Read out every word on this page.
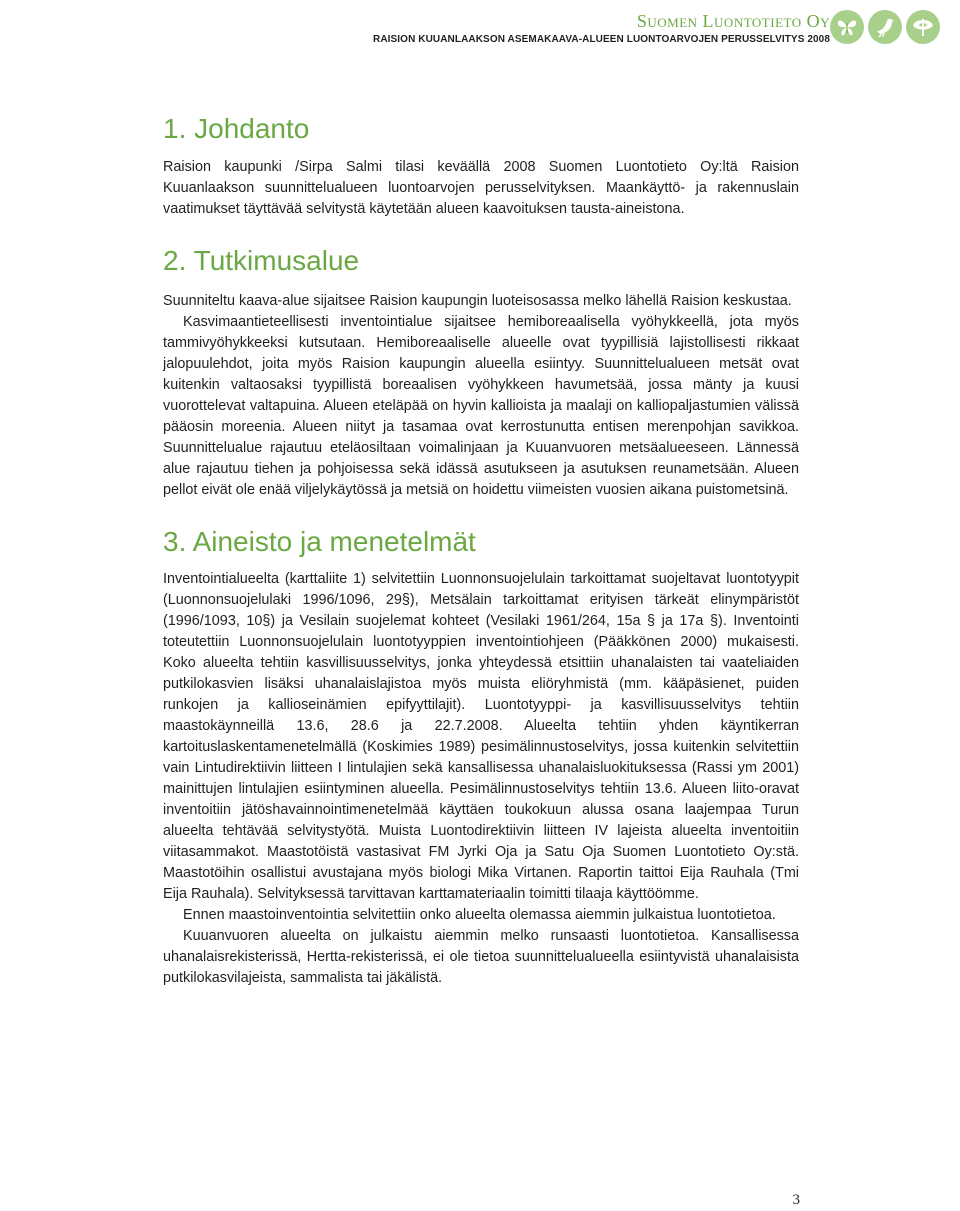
Suomen Luontotieto Oy
RAISION KUUANLAAKSON ASEMAKAAVA-ALUEEN LUONTOARVOJEN PERUSSELVITYS 2008
1. Johdanto

Raision kaupunki /Sirpa Salmi tilasi keväällä 2008 Suomen Luontotieto Oy:ltä Raision Kuuanlaakson suunnittelualueen luontoarvojen perusselvityksen. Maankäyttö- ja rakennuslain vaatimukset täyttävää selvitystä käytetään alueen kaavoituksen tausta-aineistona.

2. Tutkimusalue

Suunniteltu kaava-alue sijaitsee Raision kaupungin luoteisosassa melko lähellä Raision keskustaa.

Kasvimaantieteellisesti inventointialue sijaitsee hemiboreaalisella vyöhykkeellä, jota myös tammivyöhykkeeksi kutsutaan. Hemiboreaaliselle alueelle ovat tyypillisiä lajistollisesti rikkaat jalopuulehdot, joita myös Raision kaupungin alueella esiintyy. Suunnittelualueen metsät ovat kuitenkin valtaosaksi tyypillistä boreaalisen vyöhykkeen havumetsää, jossa mänty ja kuusi vuorottelevat valtapuina. Alueen eteläpää on hyvin kallioista ja maalaji on kalliopaljastumien välissä pääosin moreenia. Alueen niityt ja tasamaa ovat kerrostunutta entisen merenpohjan savikkoa. Suunnittelualue rajautuu eteläosiltaan voimalinjaan ja Kuuanvuoren metsäalueeseen. Lännessä alue rajautuu tiehen ja pohjoisessa sekä idässä asutukseen ja asutuksen reunametsään. Alueen pellot eivät ole enää viljelykäytössä ja metsiä on hoidettu viimeisten vuosien aikana puistometsinä.

3. Aineisto ja menetelmät

Inventointialueelta (karttaliite 1) selvitettiin Luonnonsuojelulain tarkoittamat suojeltavat luontotyypit (Luonnonsuojelulaki 1996/1096, 29§), Metsälain tarkoittamat erityisen tärkeät elinympäristöt (1996/1093, 10§) ja Vesilain suojelemat kohteet (Vesilaki 1961/264, 15a § ja 17a §). Inventointi toteutettiin Luonnonsuojelulain luontotyyppien inventointiohjeen (Pääkkönen 2000) mukaisesti. Koko alueelta tehtiin kasvillisuusselvitys, jonka yhteydessä etsittiin uhanalaisten tai vaateliaiden putkilokasvien lisäksi uhanalaislajistoa myös muista eliöryhmistä (mm. kääpäsienet, puiden runkojen ja kallioseinämien epifyyttilajit). Luontotyyppi- ja kasvillisuusselvitys tehtiin maastokäynneillä 13.6, 28.6 ja 22.7.2008. Alueelta tehtiin yhden käyntikerran kartoituslaskentamenetelmällä (Koskimies 1989) pesimälinnustoselvitys, jossa kuitenkin selvitettiin vain Lintudirektiivin liitteen I lintulajien sekä kansallisessa uhanalaisluokituksessa (Rassi ym 2001) mainittujen lintulajien esiintyminen alueella. Pesimälinnustoselvitys tehtiin 13.6. Alueen liito-oravat inventoitiin jätöshavainnointimenetelmää käyttäen toukokuun alussa osana laajempaa Turun alueelta tehtävää selvitystyötä. Muista Luontodirektiivin liitteen IV lajeista alueelta inventoitiin viitasammakot. Maastotöistä vastasivat FM Jyrki Oja ja Satu Oja Suomen Luontotieto Oy:stä. Maastotöihin osallistui avustajana myös biologi Mika Virtanen. Raportin taittoi Eija Rauhala (Tmi Eija Rauhala). Selvityksessä tarvittavan karttamateriaalin toimitti tilaaja käyttöömme.

Ennen maastoinventointia selvitettiin onko alueelta olemassa aiemmin julkaistua luontotietoa.

Kuuanvuoren alueelta on julkaistu aiemmin melko runsaasti luontotietoa. Kansallisessa uhanalaisrekisterissä, Hertta-rekisterissä, ei ole tietoa suunnittelualueella esiintyvistä uhanalaisista putkilokasvilajeista, sammalista tai jäkälistä.

3
